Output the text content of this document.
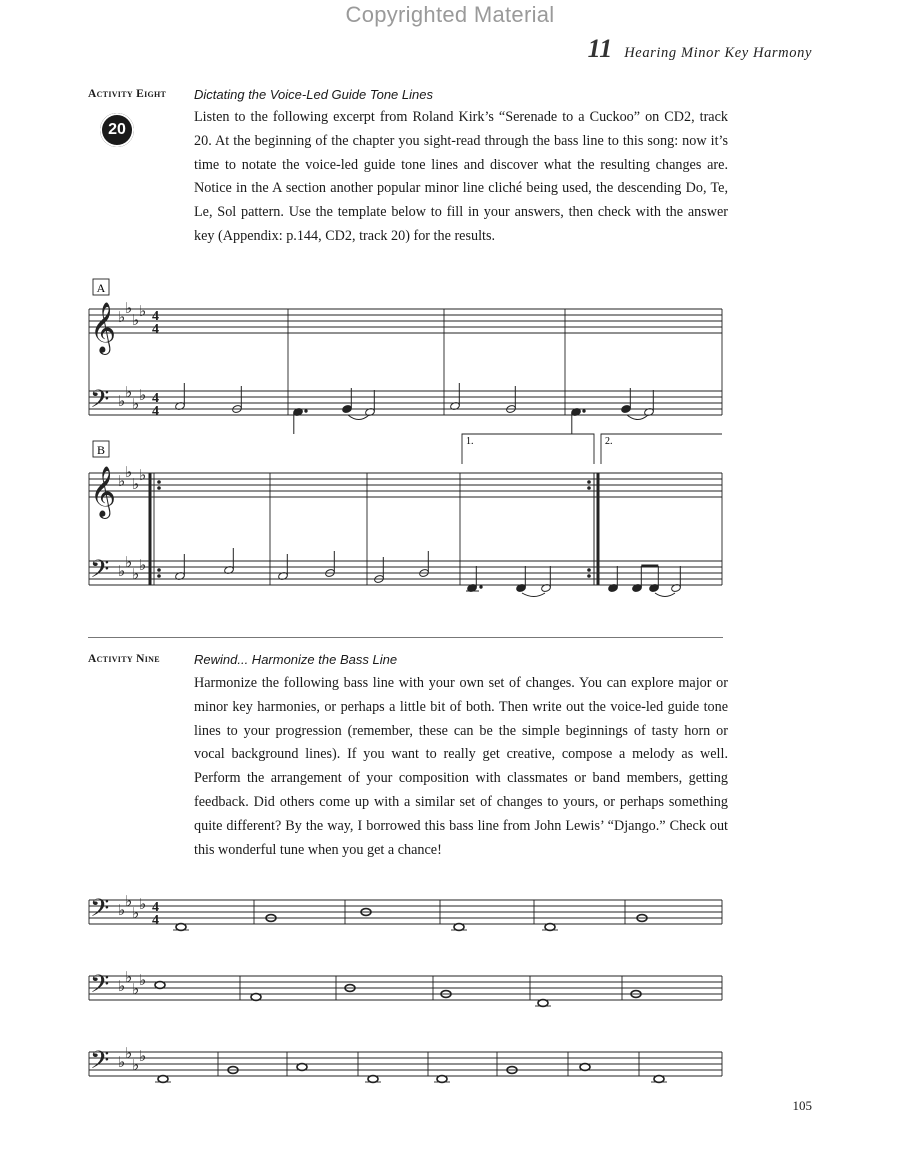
Copyrighted Material
11 Hearing Minor Key Harmony
Activity Eight Dictating the Voice-Led Guide Tone Lines
20
Listen to the following excerpt from Roland Kirk’s “Serenade to a Cuckoo” on CD2, track 20. At the beginning of the chapter you sight-read through the bass line to this song: now it’s time to notate the voice-led guide tone lines and discover what the resulting changes are. Notice in the A section another popular minor line cliché being used, the descending Do, Te, Le, Sol pattern. Use the template below to fill in your answers, then check with the answer key (Appendix: p.144, CD2, track 20) for the results.
A
B
1.	2.
𝄞
𝄢
𝄞
𝄢
𝄢
𝄢
𝄢
♭ ♭
♭ ♭
♭ ♭
♭ ♭
♭ ♭
♭ ♭
♭ ♭
♭ ♭
♭ ♭
♭ ♭
♭ ♭
♭ ♭
♭ ♭
♭ ♭
4
4
4
4
4
4
Activity Nine	Rewind... Harmonize the Bass Line
Harmonize the following bass line with your own set of changes. You can explore major or minor key harmonies, or perhaps a little bit of both. Then write out the voice-led guide tone lines to your progression (remember, these can be the simple beginnings of tasty horn or vocal background lines). If you want to really get creative, compose a melody as well. Perform the arrangement of your composition with classmates or band members, getting feedback. Did others come up with a similar set of changes to yours, or perhaps something quite different? By the way, I borrowed this bass line from John Lewis’ “Django.” Check out this wonderful tune when you get a chance!
105
